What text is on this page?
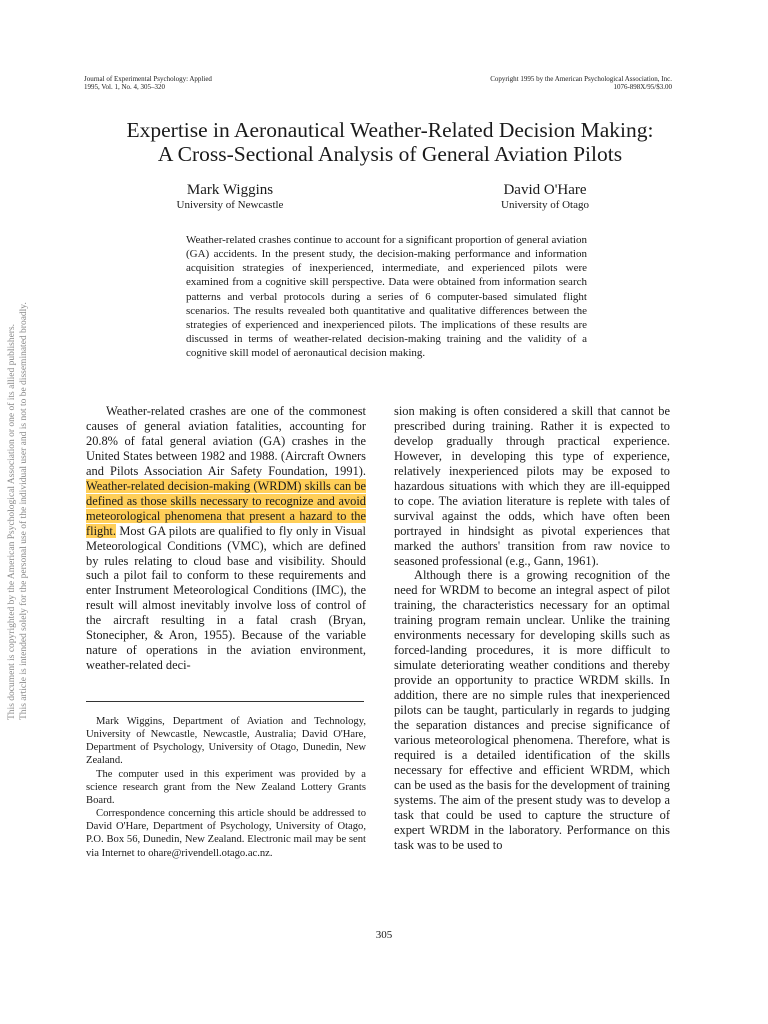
Journal of Experimental Psychology: Applied
1995, Vol. 1, No. 4, 305–320
Copyright 1995 by the American Psychological Association, Inc.
1076-898X/95/$3.00
Expertise in Aeronautical Weather-Related Decision Making:
A Cross-Sectional Analysis of General Aviation Pilots
Mark Wiggins
University of Newcastle
David O'Hare
University of Otago

Weather-related crashes continue to account for a significant proportion of general aviation (GA) accidents. In the present study, the decision-making performance and information acquisition strategies of inexperienced, intermediate, and experienced pilots were examined from a cognitive skill perspective. Data were obtained from information search patterns and verbal protocols during a series of 6 computer-based simulated flight scenarios. The results revealed both quantitative and qualitative differences between the strategies of experienced and inexperienced pilots. The implications of these results are discussed in terms of weather-related decision-making training and the validity of a cognitive skill model of aeronautical decision making.

Weather-related crashes are one of the commonest causes of general aviation fatalities, accounting for 20.8% of fatal general aviation (GA) crashes in the United States between 1982 and 1988. (Aircraft Owners and Pilots Association Air Safety Foundation, 1991). Weather-related decision-making (WRDM) skills can be defined as those skills necessary to recognize and avoid meteorological phenomena that present a hazard to the flight. Most GA pilots are qualified to fly only in Visual Meteorological Conditions (VMC), which are defined by rules relating to cloud base and visibility. Should such a pilot fail to conform to these requirements and enter Instrument Meteorological Conditions (IMC), the result will almost inevitably involve loss of control of the aircraft resulting in a fatal crash (Bryan, Stonecipher, & Aron, 1955). Because of the variable nature of operations in the aviation environment, weather-related deci-

Mark Wiggins, Department of Aviation and Technology, University of Newcastle, Newcastle, Australia; David O'Hare, Department of Psychology, University of Otago, Dunedin, New Zealand.

The computer used in this experiment was provided by a science research grant from the New Zealand Lottery Grants Board.

Correspondence concerning this article should be addressed to David O'Hare, Department of Psychology, University of Otago, P.O. Box 56, Dunedin, New Zealand. Electronic mail may be sent via Internet to ohare@rivendell.otago.ac.nz.

sion making is often considered a skill that cannot be prescribed during training. Rather it is expected to develop gradually through practical experience. However, in developing this type of experience, relatively inexperienced pilots may be exposed to hazardous situations with which they are ill-equipped to cope. The aviation literature is replete with tales of survival against the odds, which have often been portrayed in hindsight as pivotal experiences that marked the authors' transition from raw novice to seasoned professional (e.g., Gann, 1961).

Although there is a growing recognition of the need for WRDM to become an integral aspect of pilot training, the characteristics necessary for an optimal training program remain unclear. Unlike the training environments necessary for developing skills such as forced-landing procedures, it is more difficult to simulate deteriorating weather conditions and thereby provide an opportunity to practice WRDM skills. In addition, there are no simple rules that inexperienced pilots can be taught, particularly in regards to judging the separation distances and precise significance of various meteorological phenomena. Therefore, what is required is a detailed identification of the skills necessary for effective and efficient WRDM, which can be used as the basis for the development of training systems. The aim of the present study was to develop a task that could be used to capture the structure of expert WRDM in the laboratory. Performance on this task was to be used to

305
This document is copyrighted by the American Psychological Association or one of its allied publishers. This article is intended solely for the personal use of the individual user and is not to be disseminated broadly.
